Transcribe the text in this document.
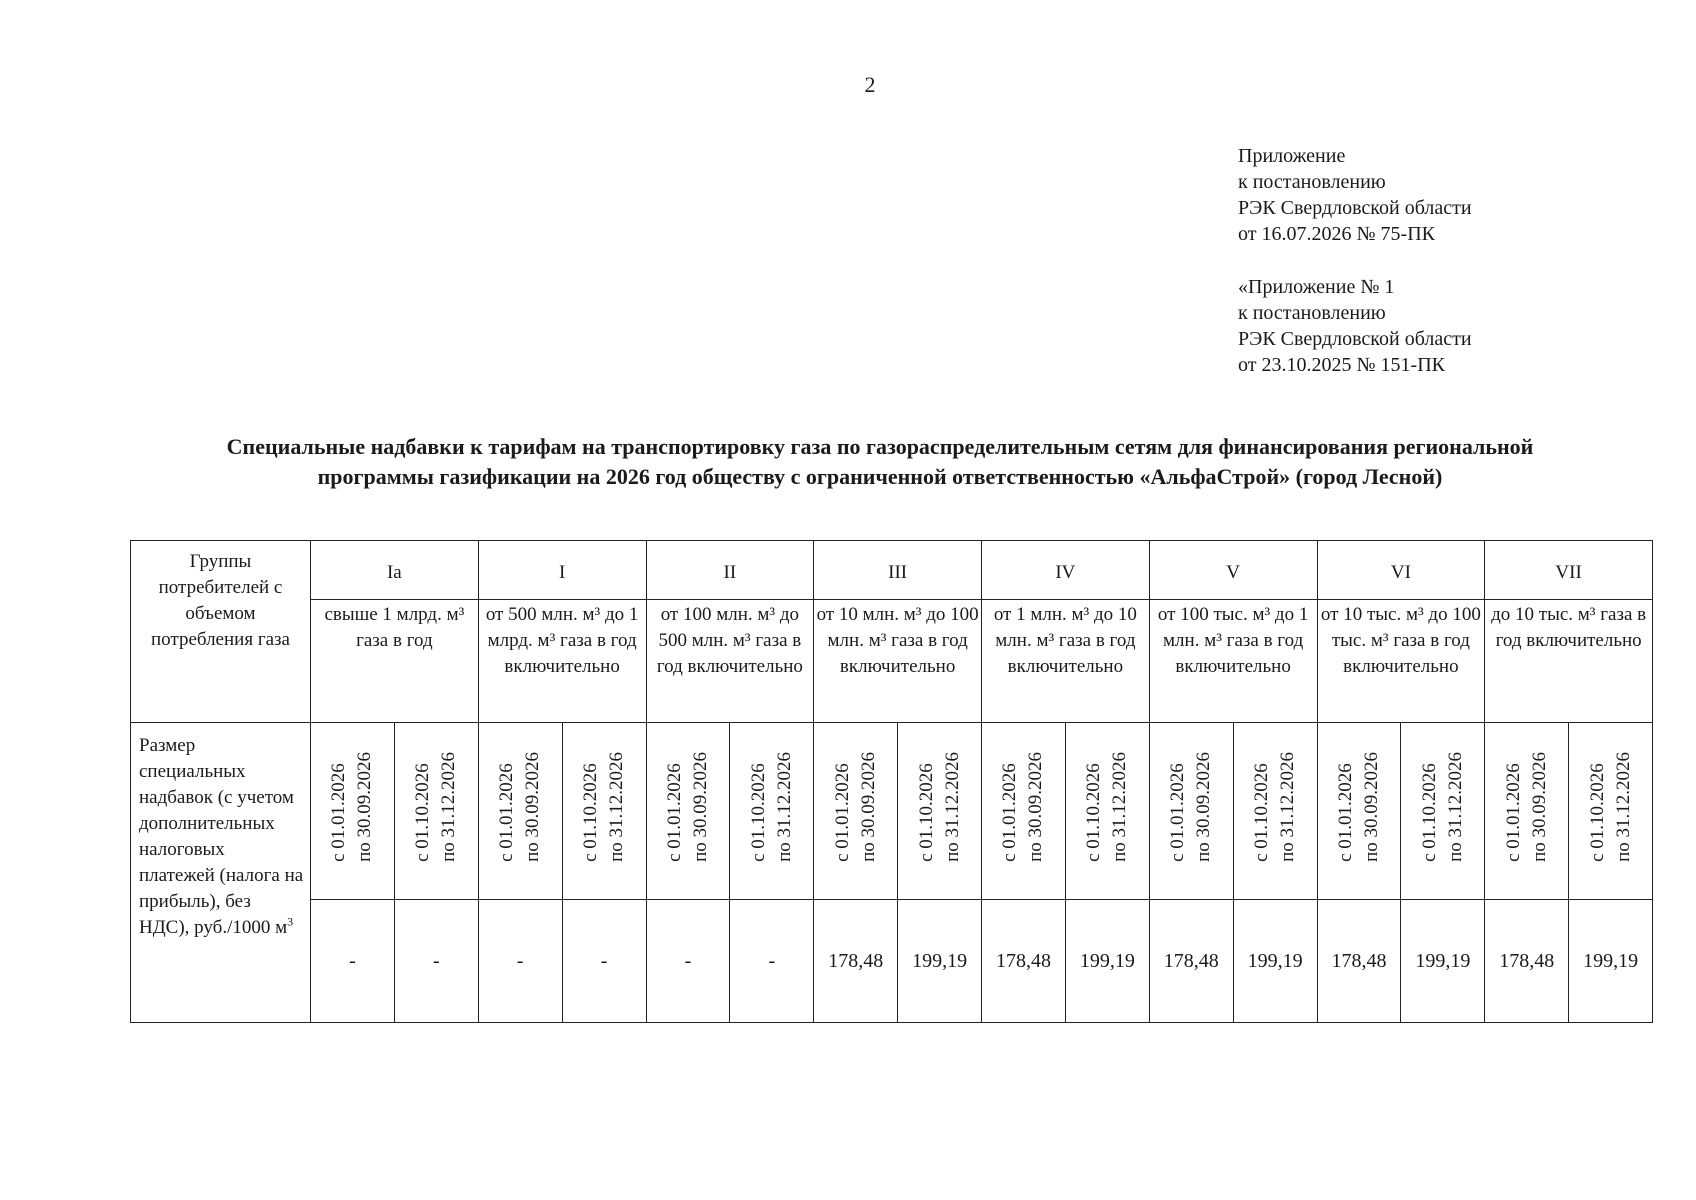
2
Приложение
к постановлению
РЭК Свердловской области
от 16.07.2026 № 75-ПК
«Приложение № 1
к постановлению
РЭК Свердловской области
от 23.10.2025 № 151-ПК
Специальные надбавки к тарифам на транспортировку газа по газораспределительным сетям для финансирования региональной
программы газификации на 2026 год обществу с ограниченной ответственностью «АльфаСтрой» (город Лесной)
Группы потребителей с объемом потребления газа	Ia		I		II		III		IV		V		VI		VII	
	свыше 1 млрд. м³ газа в год		от 500 млн. м³ до 1 млрд. м³ газа в год включительно		от 100 млн. м³ до 500 млн. м³ газа в год включительно		от 10 млн. м³ до 100 млн. м³ газа в год включительно		от 1 млн. м³ до 10 млн. м³ газа в год включительно		от 100 тыс. м³ до 1 млн. м³ газа в год включительно		от 10 тыс. м³ до 100 тыс. м³ газа в год включительно		до 10 тыс. м³ газа в год включительно	
Размер специальных надбавок (с учетом дополнительных налоговых платежей (налога на прибыль), без НДС), руб./1000 $м^3$	с 01.01.2026 по 30.09.2026	с 01.10.2026 по 31.12.2026	с 01.01.2026 по 30.09.2026	с 01.10.2026 по 31.12.2026	с 01.01.2026 по 30.09.2026	с 01.10.2026 по 31.12.2026	с 01.01.2026 по 30.09.2026	с 01.10.2026 по 31.12.2026	с 01.01.2026 по 30.09.2026	с 01.10.2026 по 31.12.2026	с 01.01.2026 по 30.09.2026	с 01.10.2026 по 31.12.2026	с 01.01.2026 по 30.09.2026	с 01.10.2026 по 31.12.2026	с 01.01.2026 по 30.09.2026	с 01.10.2026 по 31.12.2026
	-	-	-	-	-	-	178,48	199,19	178,48	199,19	178,48	199,19	178,48	199,19	178,48	199,19
